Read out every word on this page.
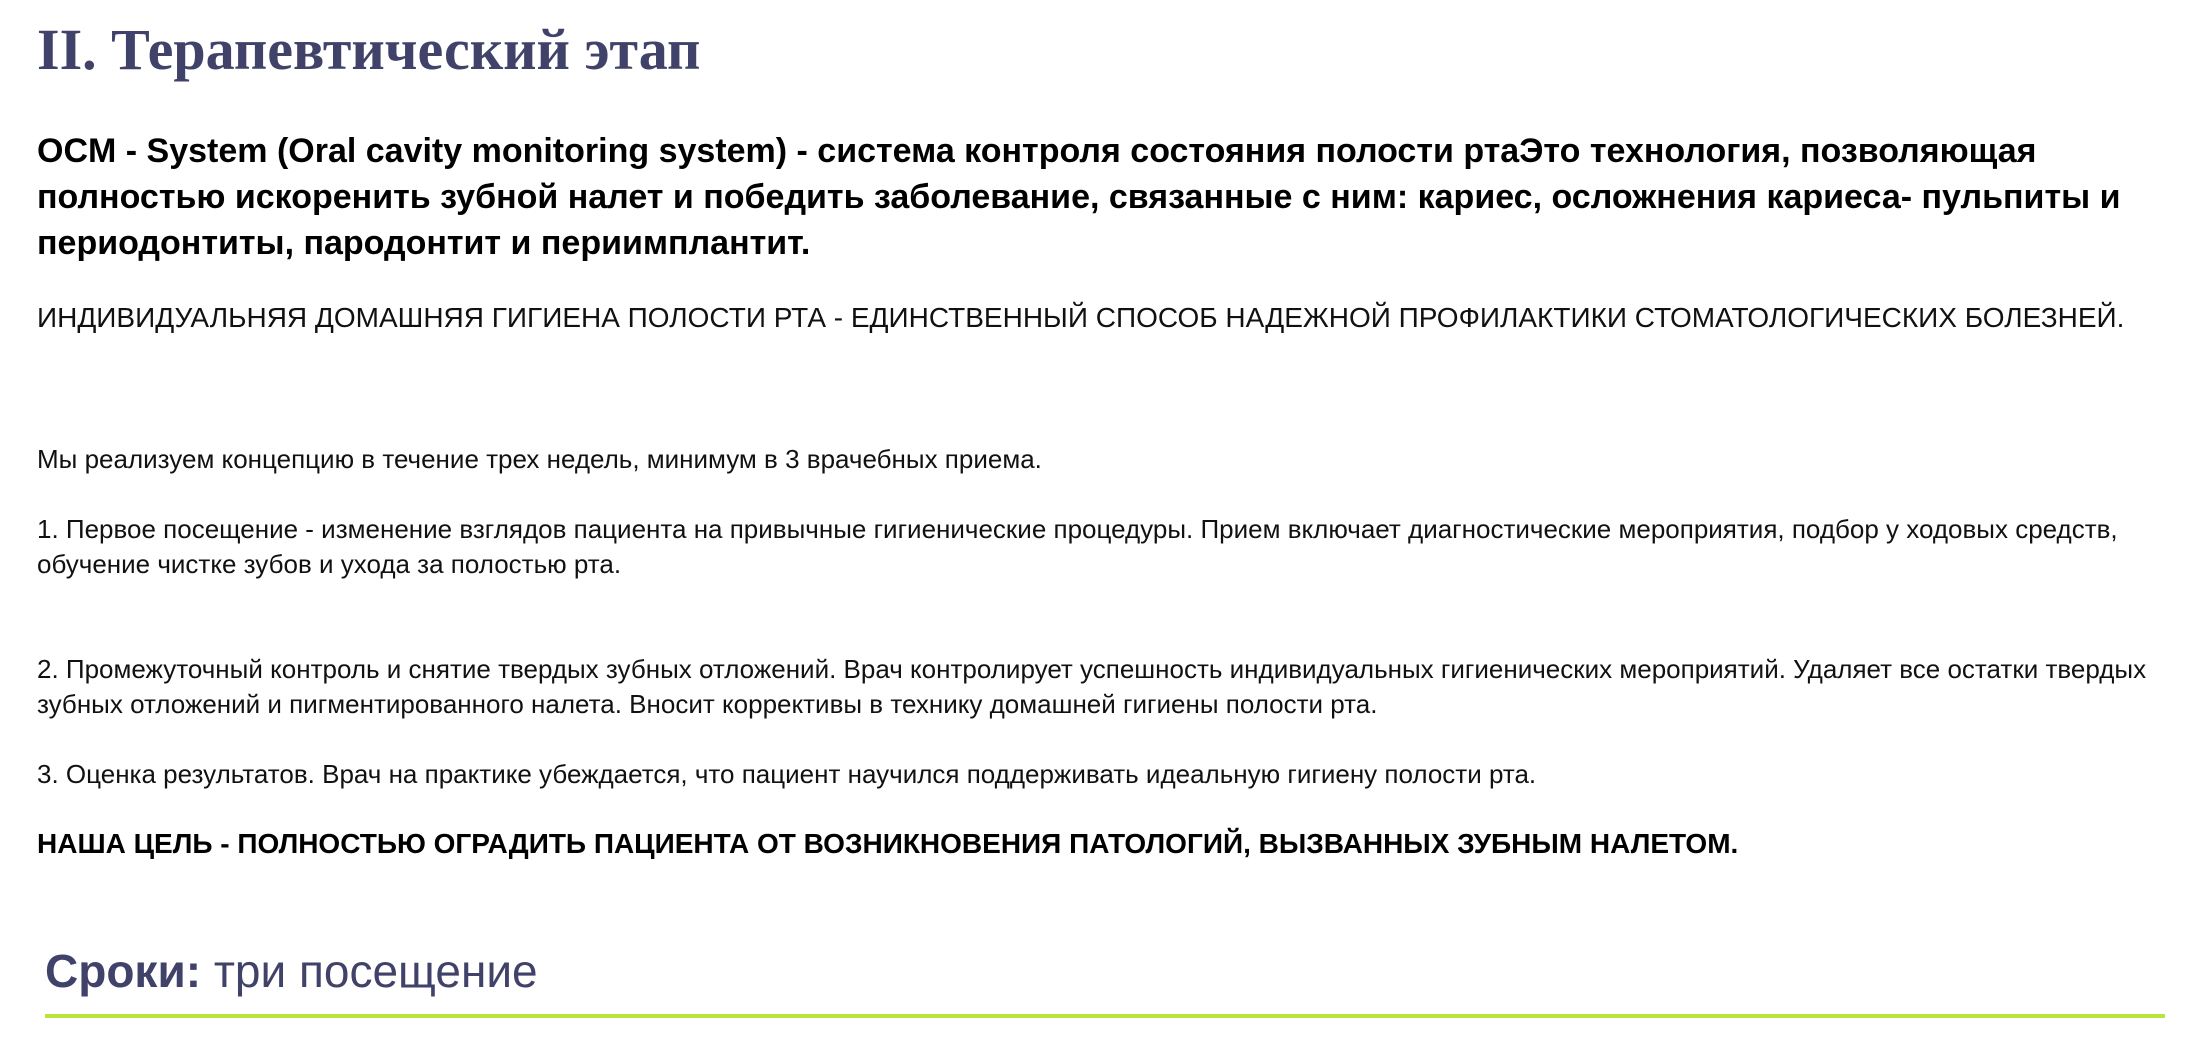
II. Терапевтический этап

OCM - System (Oral cavity monitoring system) - система контроля состояния полости ртаЭто технология, позволяющая полностью искоренить зубной налет и победить заболевание, связанные с ним: кариес, осложнения кариеса- пульпиты и периодонтиты, пародонтит и периимплантит.

ИНДИВИДУАЛЬНЯЯ ДОМАШНЯЯ ГИГИЕНА ПОЛОСТИ РТА - ЕДИНСТВЕННЫЙ СПОСОБ НАДЕЖНОЙ ПРОФИЛАКТИКИ СТОМАТОЛОГИЧЕСКИХ БОЛЕЗНЕЙ.

Мы реализуем концепцию в течение трех недель, минимум в 3 врачебных приема.

1. Первое посещение - изменение взглядов пациента на привычные гигиенические процедуры. Прием включает диагностические мероприятия, подбор у ходовых средств, обучение чистке зубов и ухода за полостью рта.

2. Промежуточный контроль и снятие твердых зубных отложений. Врач контролирует успешность индивидуальных гигиенических мероприятий. Удаляет все остатки твердых зубных отложений и пигментированного налета. Вносит коррективы в технику домашней гигиены полости рта.

3. Оценка результатов. Врач на практике убеждается, что пациент научился поддерживать идеальную гигиену полости рта.

НАША ЦЕЛЬ - ПОЛНОСТЬЮ ОГРАДИТЬ ПАЦИЕНТА ОТ ВОЗНИКНОВЕНИЯ ПАТОЛОГИЙ, ВЫЗВАННЫХ ЗУБНЫМ НАЛЕТОМ.

Сроки: три посещение
